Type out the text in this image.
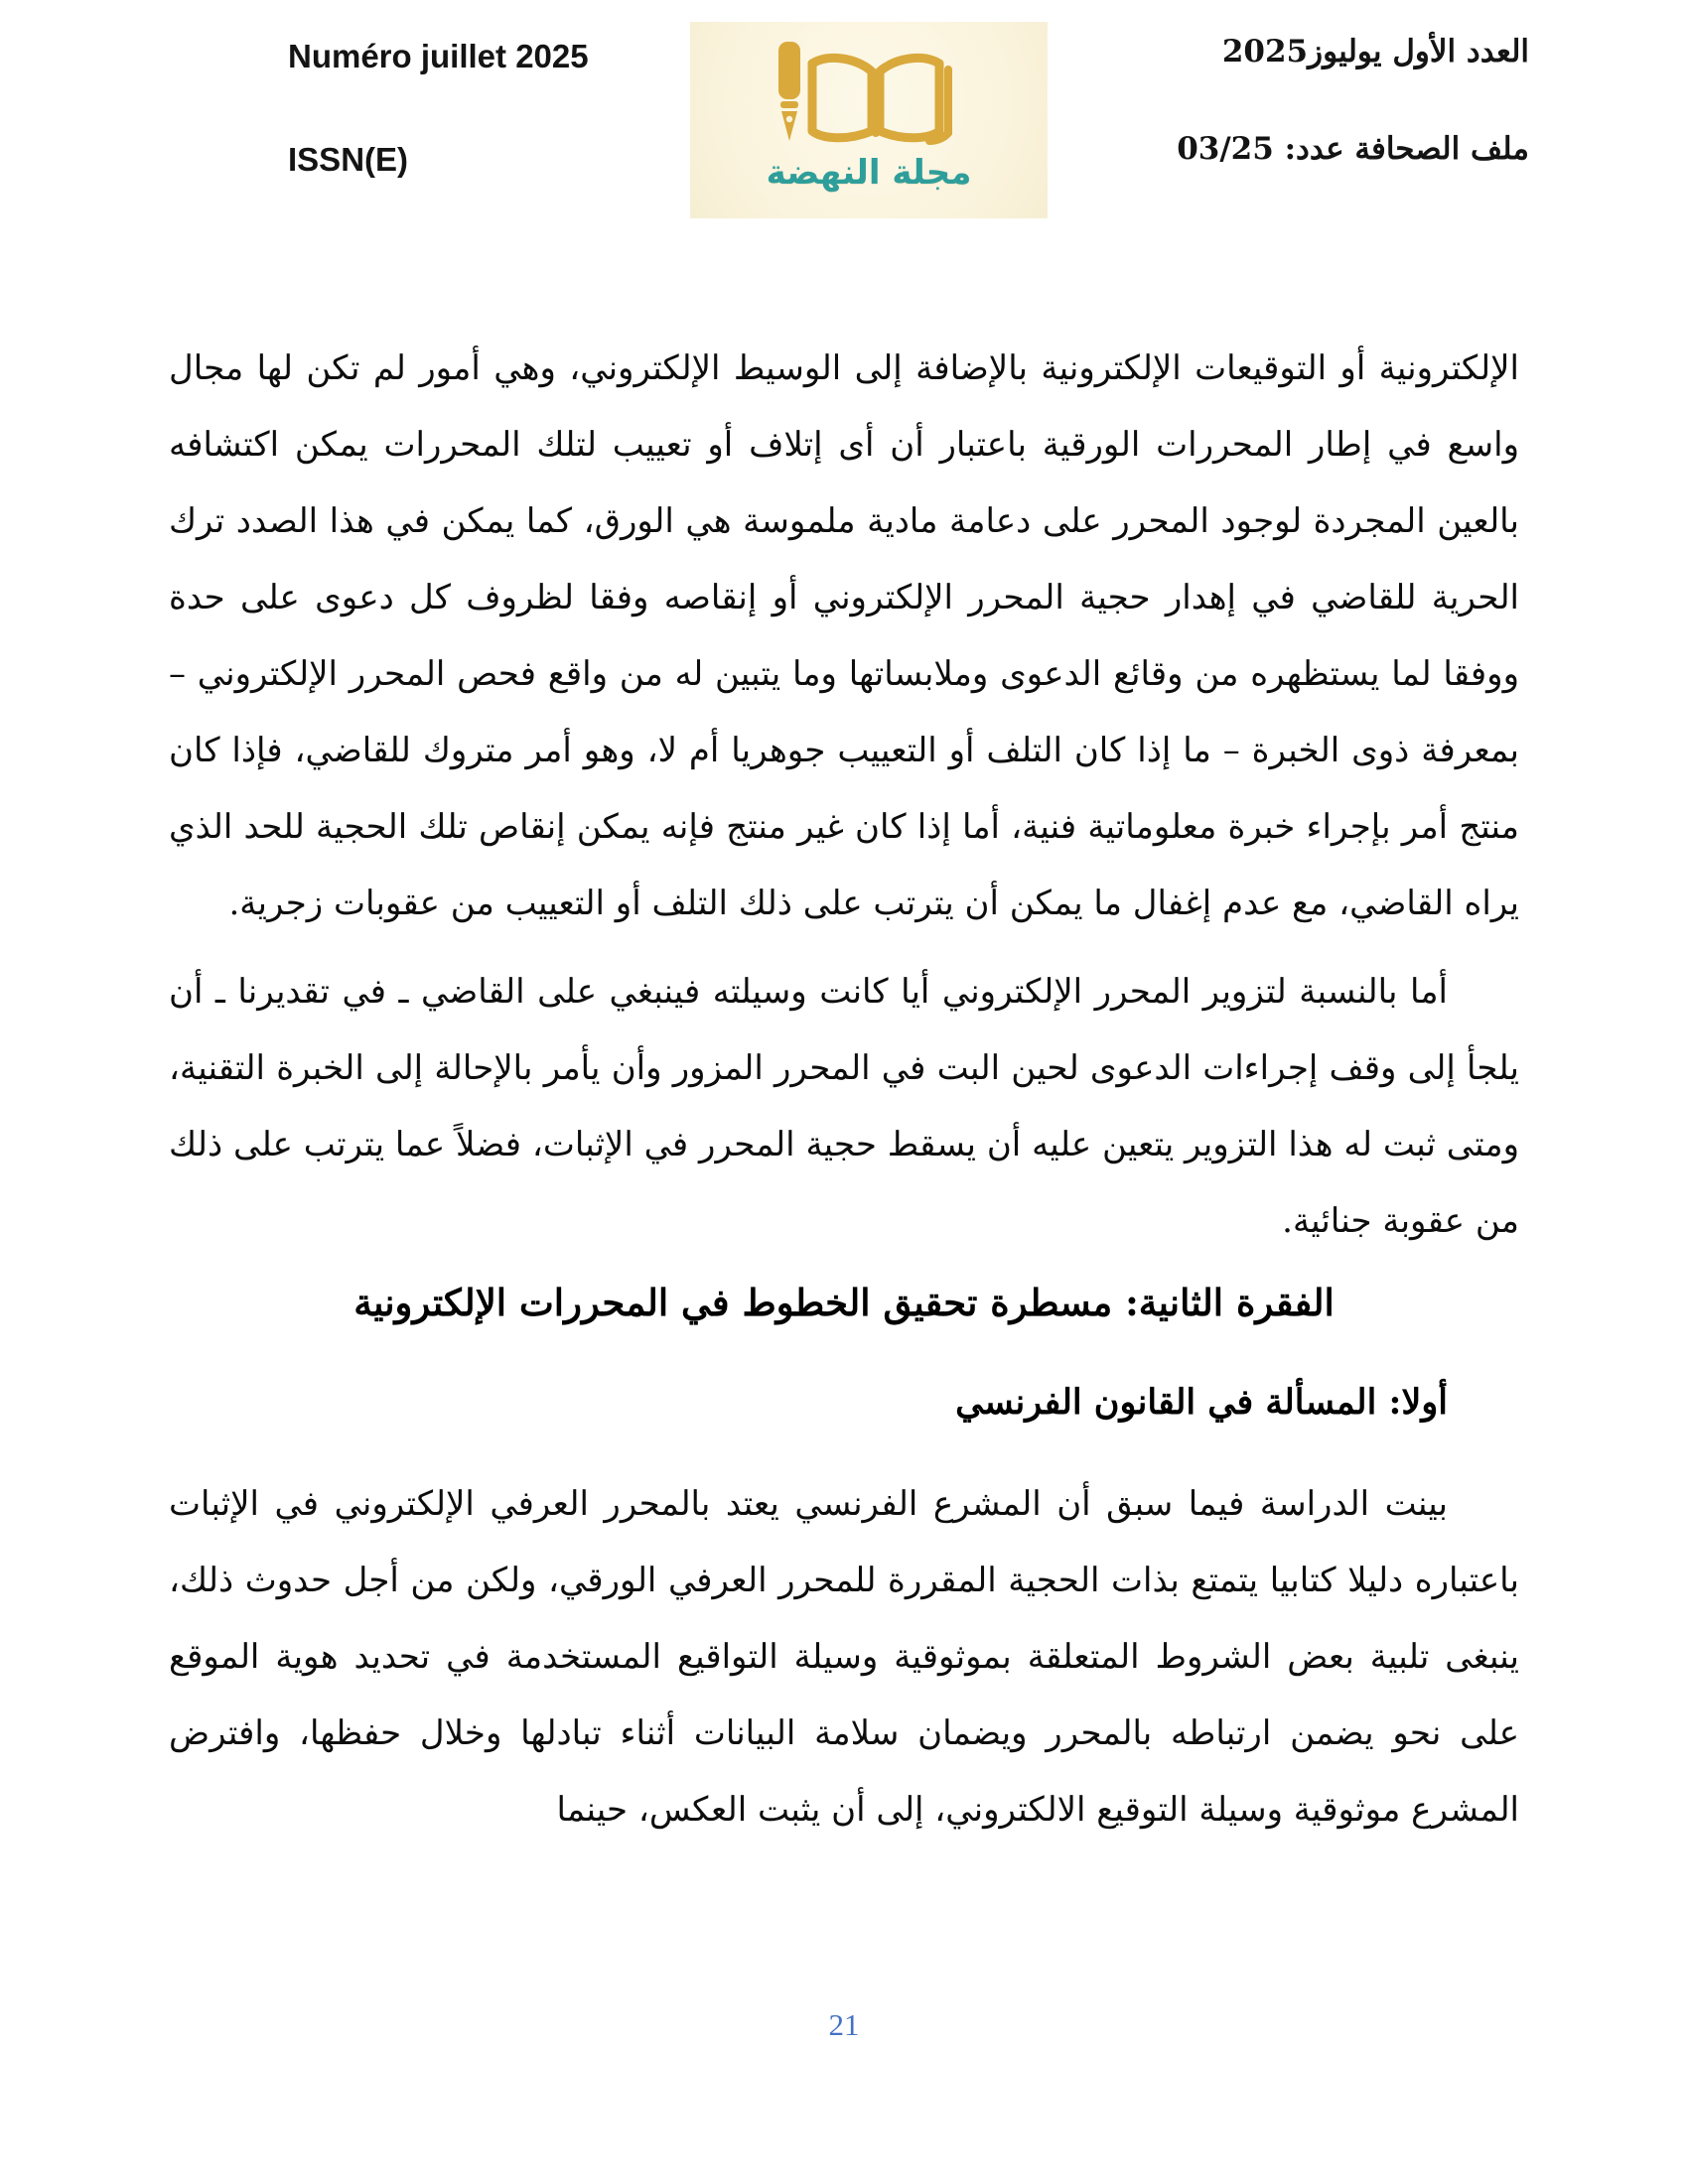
Numéro juillet 2025
ISSN(E)	مجلة النهضة
العدد الأول يوليوز2025
ملف الصحافة عدد: 03/25

الإلكترونية أو التوقيعات الإلكترونية بالإضافة إلى الوسيط الإلكتروني، وهي أمور لم تكن لها مجال واسع في إطار المحررات الورقية باعتبار أن أى إتلاف أو تعييب لتلك المحررات يمكن اكتشافه بالعين المجردة لوجود المحرر على دعامة مادية ملموسة هي الورق، كما يمكن في هذا الصدد ترك الحرية للقاضي في إهدار حجية المحرر الإلكتروني أو إنقاصه وفقا لظروف كل دعوى على حدة ووفقا لما يستظهره من وقائع الدعوى وملابساتها وما يتبين له من واقع فحص المحرر الإلكتروني – بمعرفة ذوى الخبرة – ما إذا كان التلف أو التعييب جوهريا أم لا، وهو أمر متروك للقاضي، فإذا كان منتج أمر بإجراء خبرة معلوماتية فنية، أما إذا كان غير منتج فإنه يمكن إنقاص تلك الحجية للحد الذي يراه القاضي، مع عدم إغفال ما يمكن أن يترتب على ذلك التلف أو التعييب من عقوبات زجرية.

أما بالنسبة لتزوير المحرر الإلكتروني أيا كانت وسيلته فينبغي على القاضي ـ في تقديرنا ـ أن يلجأ إلى وقف إجراءات الدعوى لحين البت في المحرر المزور وأن يأمر بالإحالة إلى الخبرة التقنية، ومتى ثبت له هذا التزوير يتعين عليه أن يسقط حجية المحرر في الإثبات، فضلاً عما يترتب على ذلك من عقوبة جنائية.

الفقرة الثانية: مسطرة تحقيق الخطوط في المحررات الإلكترونية
أولا: المسألة في القانون الفرنسي

بينت الدراسة فيما سبق أن المشرع الفرنسي يعتد بالمحرر العرفي الإلكتروني في الإثبات باعتباره دليلا كتابيا يتمتع بذات الحجية المقررة للمحرر العرفي الورقي، ولكن من أجل حدوث ذلك، ينبغى تلبية بعض الشروط المتعلقة بموثوقية وسيلة التواقيع المستخدمة في تحديد هوية الموقع على نحو يضمن ارتباطه بالمحرر ويضمان سلامة البيانات أثناء تبادلها وخلال حفظها، وافترض المشرع موثوقية وسيلة التوقيع الالكتروني، إلى أن يثبت العكس، حينما

21
